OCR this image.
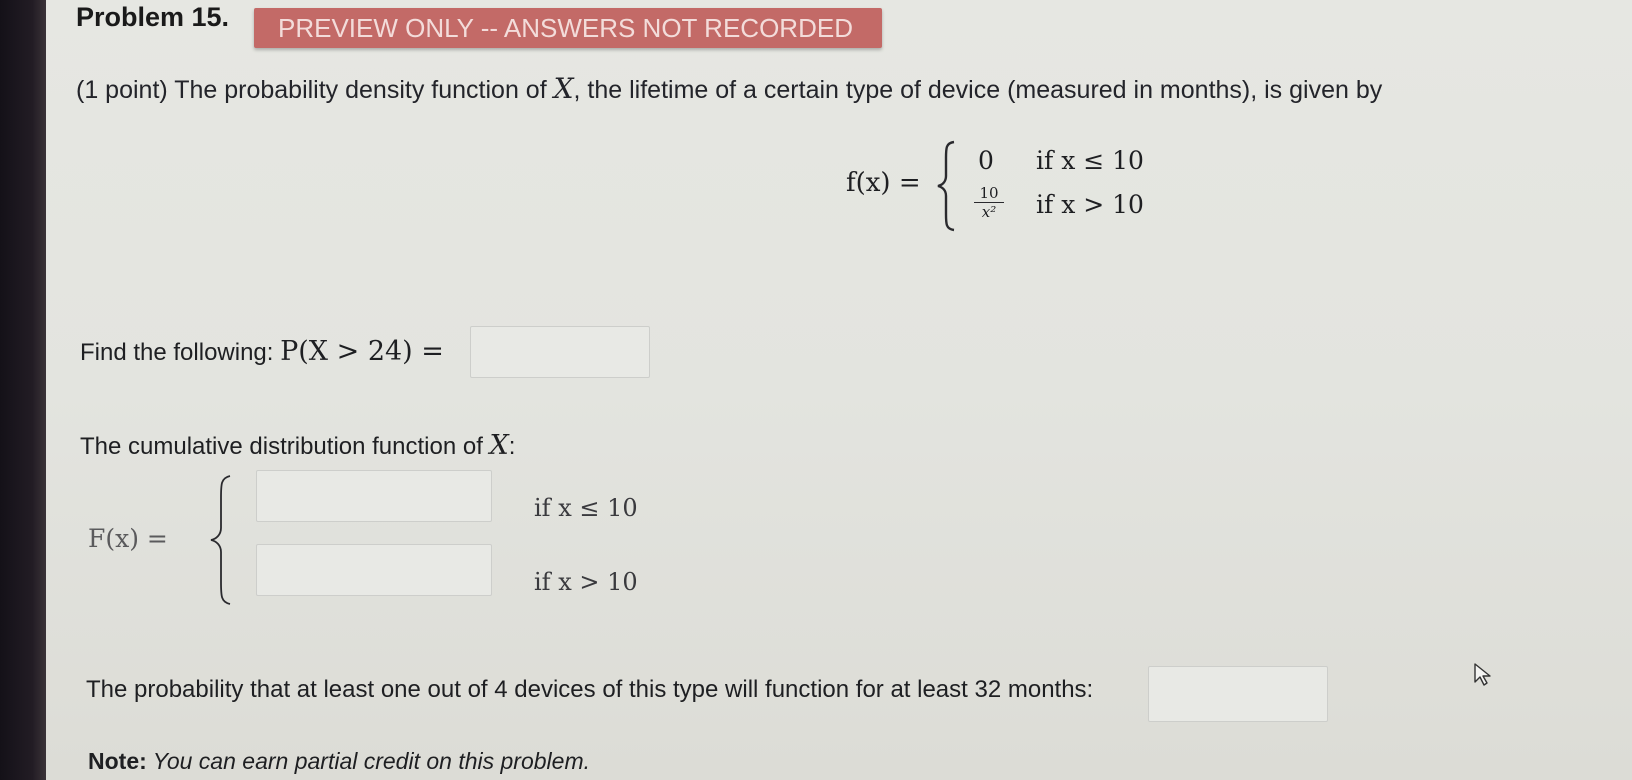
Problem 15.	PREVIEW ONLY -- ANSWERS NOT RECORDED
(1 point) The probability density function of X, the lifetime of a certain type of device (measured in months), is given by
f(x) =
0
$\frac{10}{\text{x²}}$
if x ≤ 10
if x > 10
Find the following: P(X > 24) =
The cumulative distribution function of X:
F(x) =
if x ≤ 10
if x > 10
The probability that at least one out of 4 devices of this type will function for at least 32 months:
Note: You can earn partial credit on this problem.
